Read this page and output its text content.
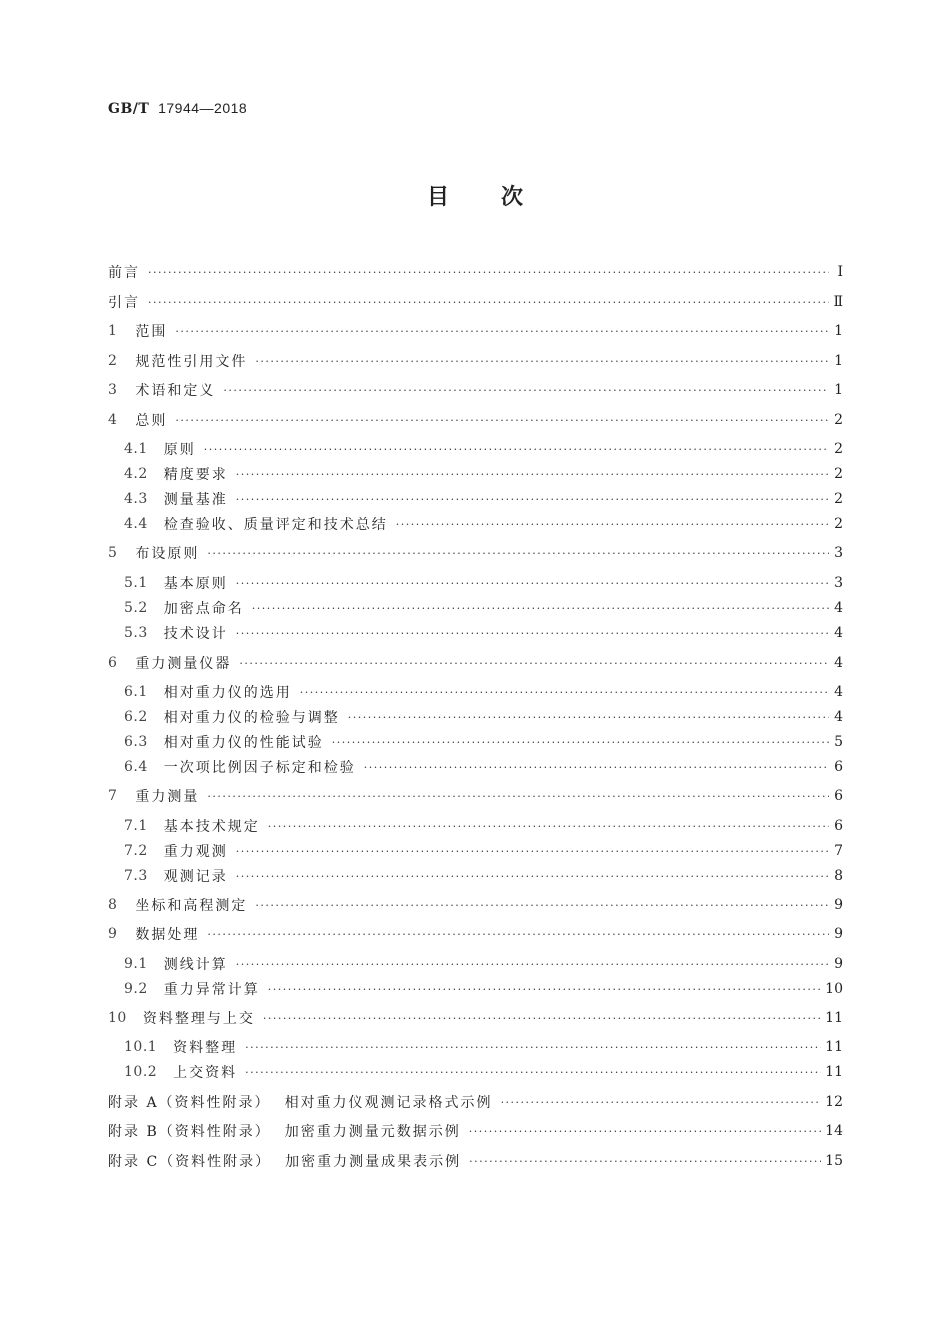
GB/T 17944—2018
目 次
前言 ·····	Ⅰ
引言 ·····	Ⅱ
1 范围 ·····	1
2 规范性引用文件 ·····	1
3 术语和定义 ·····	1
4 总则 ·····	2
4.1 原则 ·····	2
4.2 精度要求 ·····	2
4.3 测量基准 ·····	2
4.4 检查验收、质量评定和技术总结 ·····	2
5 布设原则 ·····	3
5.1 基本原则 ·····	3
5.2 加密点命名 ·····	4
5.3 技术设计 ·····	4
6 重力测量仪器 ·····	4
6.1 相对重力仪的选用 ·····	4
6.2 相对重力仪的检验与调整 ·····	4
6.3 相对重力仪的性能试验 ·····	5
6.4 一次项比例因子标定和检验 ·····	6
7 重力测量 ·····	6
7.1 基本技术规定 ·····	6
7.2 重力观测 ·····	7
7.3 观测记录 ·····	8
8 坐标和高程测定 ·····	9
9 数据处理 ·····	9
9.1 测线计算 ·····	9
9.2 重力异常计算 ·····	10
10 资料整理与上交 ·····	11
10.1 资料整理 ·····	11
10.2 上交资料 ·····	11
附录 A（资料性附录） 相对重力仪观测记录格式示例 ·····	12
附录 B（资料性附录） 加密重力测量元数据示例 ·····	14
附录 C（资料性附录） 加密重力测量成果表示例 ·····	15
